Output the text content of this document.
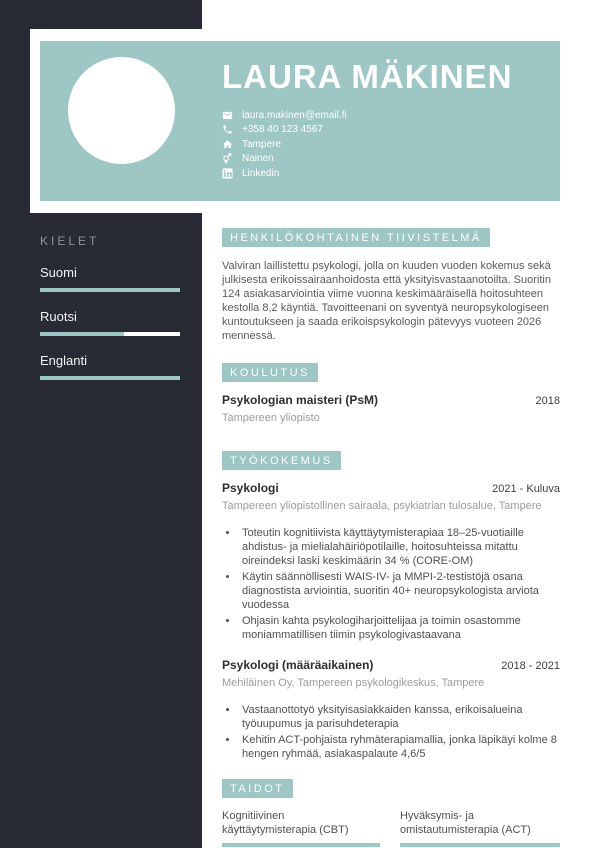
KIELET
Suomi
Ruotsi
Englanti
LAURA MÄKINEN
laura.makinen@email.fi
+358 40 123 4567
Tampere
Nainen
Linkedin
HENKILÖKOHTAINEN TIIVISTELMÄ

Valviran laillistettu psykologi, jolla on kuuden vuoden kokemus sekä julkisesta erikoissairaanhoidosta että yksityisvastaanotoilta. Suoritin 124 asiakasarviointia viime vuonna keskimääräisellä hoitosuhteen kestolla 8,2 käyntiä. Tavoitteenani on syventyä neuropsykologiseen kuntoutukseen ja saada erikoispsykologin pätevyys vuoteen 2026 mennessä.

KOULUTUS
Psykologian maisteri (PsM)	2018
Tampereen yliopisto
TYÖKOKEMUS
Psykologi	2021 - Kuluva
Tampereen yliopistollinen sairaala, psykiatrian tulosalue, Tampere
• Toteutin kognitiivista käyttäytymisterapiaa 18–25-vuotiaille ahdistus- ja mielialahäiriöpotilaille, hoitosuhteissa mitattu oireindeksi laski keskimäärin 34 % (CORE-OM)
• Käytin säännöllisesti WAIS-IV- ja MMPI-2-testistöjä osana diagnostista arviointia, suoritin 40+ neuropsykologista arviota vuodessa
• Ohjasin kahta psykologiharjoittelijaa ja toimin osastomme moniammatillisen tiimin psykologivastaavana
Psykologi (määräaikainen)	2018 - 2021
Mehiläinen Oy, Tampereen psykologikeskus, Tampere
• Vastaanottotyö yksityisasiakkaiden kanssa, erikoisalueina työuupumus ja parisuhdeterapia
• Kehitin ACT-pohjaista ryhmäterapiamallia, jonka läpikäyi kolme 8 hengen ryhmää, asiakaspalaute 4,6/5
TAIDOT
Kognitiivinen käyttäytymisterapia (CBT)
Hyväksymis- ja omistautumisterapia (ACT)
